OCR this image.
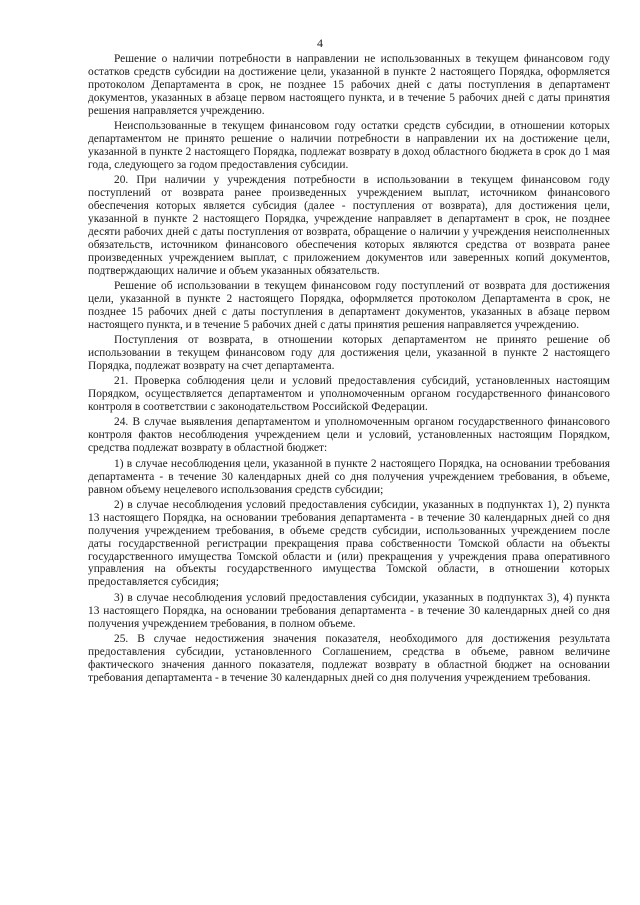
4

Решение о наличии потребности в направлении не использованных в текущем финансовом году остатков средств субсидии на достижение цели, указанной в пункте 2 настоящего Порядка, оформляется протоколом Департамента в срок, не позднее 15 рабочих дней с даты поступления в департамент документов, указанных в абзаце первом настоящего пункта, и в течение 5 рабочих дней с даты принятия решения направляется учреждению.

Неиспользованные в текущем финансовом году остатки средств субсидии, в отношении которых департаментом не принято решение о наличии потребности в направлении их на достижение цели, указанной в пункте 2 настоящего Порядка, подлежат возврату в доход областного бюджета в срок до 1 мая года, следующего за годом предоставления субсидии.

20. При наличии у учреждения потребности в использовании в текущем финансовом году поступлений от возврата ранее произведенных учреждением выплат, источником финансового обеспечения которых является субсидия (далее - поступления от возврата), для достижения цели, указанной в пункте 2 настоящего Порядка, учреждение направляет в департамент в срок, не позднее десяти рабочих дней с даты поступления от возврата, обращение о наличии у учреждения неисполненных обязательств, источником финансового обеспечения которых являются средства от возврата ранее произведенных учреждением выплат, с приложением документов или заверенных копий документов, подтверждающих наличие и объем указанных обязательств.

Решение об использовании в текущем финансовом году поступлений от возврата для достижения цели, указанной в пункте 2 настоящего Порядка, оформляется протоколом Департамента в срок, не позднее 15 рабочих дней с даты поступления в департамент документов, указанных в абзаце первом настоящего пункта, и в течение 5 рабочих дней с даты принятия решения направляется учреждению.

Поступления от возврата, в отношении которых департаментом не принято решение об использовании в текущем финансовом году для достижения цели, указанной в пункте 2 настоящего Порядка, подлежат возврату на счет департамента.

21. Проверка соблюдения цели и условий предоставления субсидий, установленных настоящим Порядком, осуществляется департаментом и уполномоченным органом государственного финансового контроля в соответствии с законодательством Российской Федерации.

24. В случае выявления департаментом и уполномоченным органом государственного финансового контроля фактов несоблюдения учреждением цели и условий, установленных настоящим Порядком, средства подлежат возврату в областной бюджет:

1) в случае несоблюдения цели, указанной в пункте 2 настоящего Порядка, на основании требования департамента - в течение 30 календарных дней со дня получения учреждением требования, в объеме, равном объему нецелевого использования средств субсидии;

2) в случае несоблюдения условий предоставления субсидии, указанных в подпунктах 1), 2) пункта 13 настоящего Порядка, на основании требования департамента - в течение 30 календарных дней со дня получения учреждением требования, в объеме средств субсидии, использованных учреждением после даты государственной регистрации прекращения права собственности Томской области на объекты государственного имущества Томской области и (или) прекращения у учреждения права оперативного управления на объекты государственного имущества Томской области, в отношении которых предоставляется субсидия;

3) в случае несоблюдения условий предоставления субсидии, указанных в подпунктах 3), 4) пункта 13 настоящего Порядка, на основании требования департамента - в течение 30 календарных дней со дня получения учреждением требования, в полном объеме.

25. В случае недостижения значения показателя, необходимого для достижения результата предоставления субсидии, установленного Соглашением, средства в объеме, равном величине фактического значения данного показателя, подлежат возврату в областной бюджет на основании требования департамента - в течение 30 календарных дней со дня получения учреждением требования.
